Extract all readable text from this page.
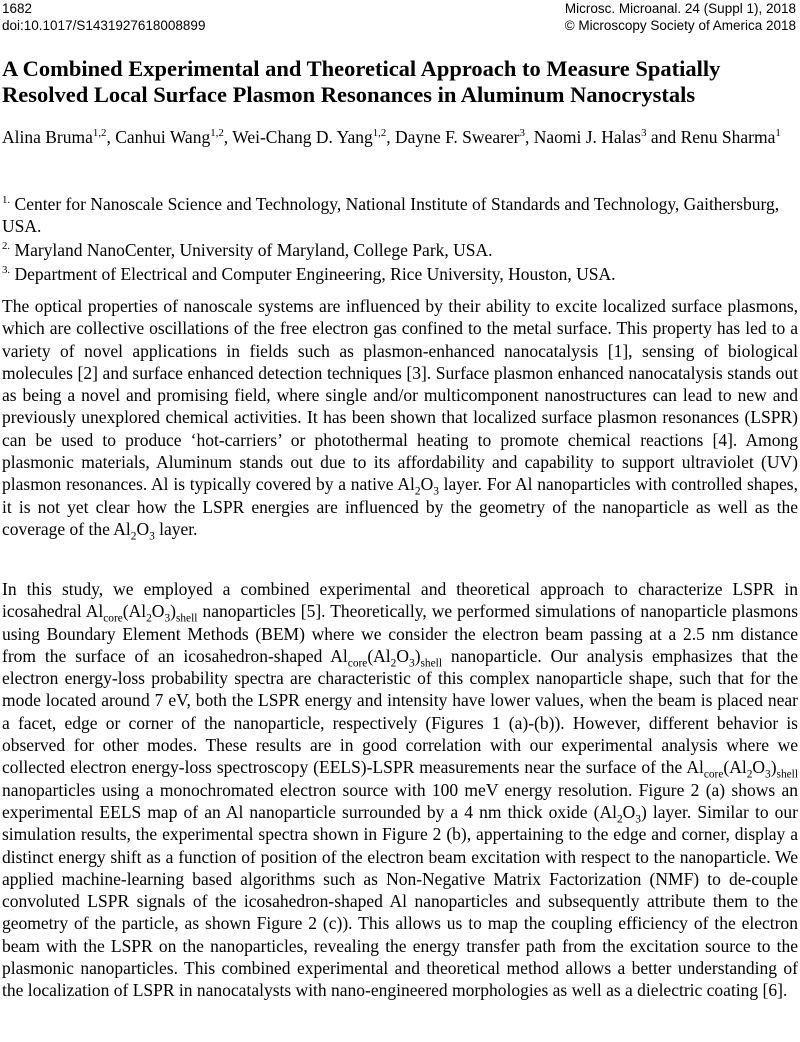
1682
doi:10.1017/S1431927618008899
Microsc. Microanal. 24 (Suppl 1), 2018
© Microscopy Society of America 2018
A Combined Experimental and Theoretical Approach to Measure Spatially Resolved Local Surface Plasmon Resonances in Aluminum Nanocrystals
Alina Bruma$^{1,2}$, Canhui Wang$^{1,2}$, Wei-Chang D. Yang$^{1,2}$, Dayne F. Swearer$^3$, Naomi J. Halas$^3$ and Renu Sharma$^1$
$^{1.}$ Center for Nanoscale Science and Technology, National Institute of Standards and Technology, Gaithersburg, USA.
$^{2.}$ Maryland NanoCenter, University of Maryland, College Park, USA.
$^{3.}$ Department of Electrical and Computer Engineering, Rice University, Houston, USA.

The optical properties of nanoscale systems are influenced by their ability to excite localized surface plasmons, which are collective oscillations of the free electron gas confined to the metal surface. This property has led to a variety of novel applications in fields such as plasmon-enhanced nanocatalysis [1], sensing of biological molecules [2] and surface enhanced detection techniques [3]. Surface plasmon enhanced nanocatalysis stands out as being a novel and promising field, where single and/or multicomponent nanostructures can lead to new and previously unexplored chemical activities. It has been shown that localized surface plasmon resonances (LSPR) can be used to produce ‘hot-carriers’ or photothermal heating to promote chemical reactions [4]. Among plasmonic materials, Aluminum stands out due to its affordability and capability to support ultraviolet (UV) plasmon resonances. Al is typically covered by a native $Al_2O_3$ layer. For Al nanoparticles with controlled shapes, it is not yet clear how the LSPR energies are influenced by the geometry of the nanoparticle as well as the coverage of the $Al_2O_3$ layer.

In this study, we employed a combined experimental and theoretical approach to characterize LSPR in icosahedral $Al_{core}(Al_2O_3)_{shell}$ nanoparticles [5]. Theoretically, we performed simulations of nanoparticle plasmons using Boundary Element Methods (BEM) where we consider the electron beam passing at a 2.5 nm distance from the surface of an icosahedron-shaped $Al_{core}(Al_2O_3)_{shell}$ nanoparticle. Our analysis emphasizes that the electron energy-loss probability spectra are characteristic of this complex nanoparticle shape, such that for the mode located around 7 eV, both the LSPR energy and intensity have lower values, when the beam is placed near a facet, edge or corner of the nanoparticle, respectively (Figures 1 (a)-(b)). However, different behavior is observed for other modes. These results are in good correlation with our experimental analysis where we collected electron energy-loss spectroscopy (EELS)-LSPR measurements near the surface of the $Al_{core}(Al_2O_3)_{shell}$ nanoparticles using a monochromated electron source with 100 meV energy resolution. Figure 2 (a) shows an experimental EELS map of an Al nanoparticle surrounded by a 4 nm thick oxide $(Al_2O_3)$ layer. Similar to our simulation results, the experimental spectra shown in Figure 2 (b), appertaining to the edge and corner, display a distinct energy shift as a function of position of the electron beam excitation with respect to the nanoparticle. We applied machine-learning based algorithms such as Non-Negative Matrix Factorization (NMF) to de-couple convoluted LSPR signals of the icosahedron-shaped Al nanoparticles and subsequently attribute them to the geometry of the particle, as shown Figure 2 (c)). This allows us to map the coupling efficiency of the electron beam with the LSPR on the nanoparticles, revealing the energy transfer path from the excitation source to the plasmonic nanoparticles. This combined experimental and theoretical method allows a better understanding of the localization of LSPR in nanocatalysts with nano-engineered morphologies as well as a dielectric coating [6].
